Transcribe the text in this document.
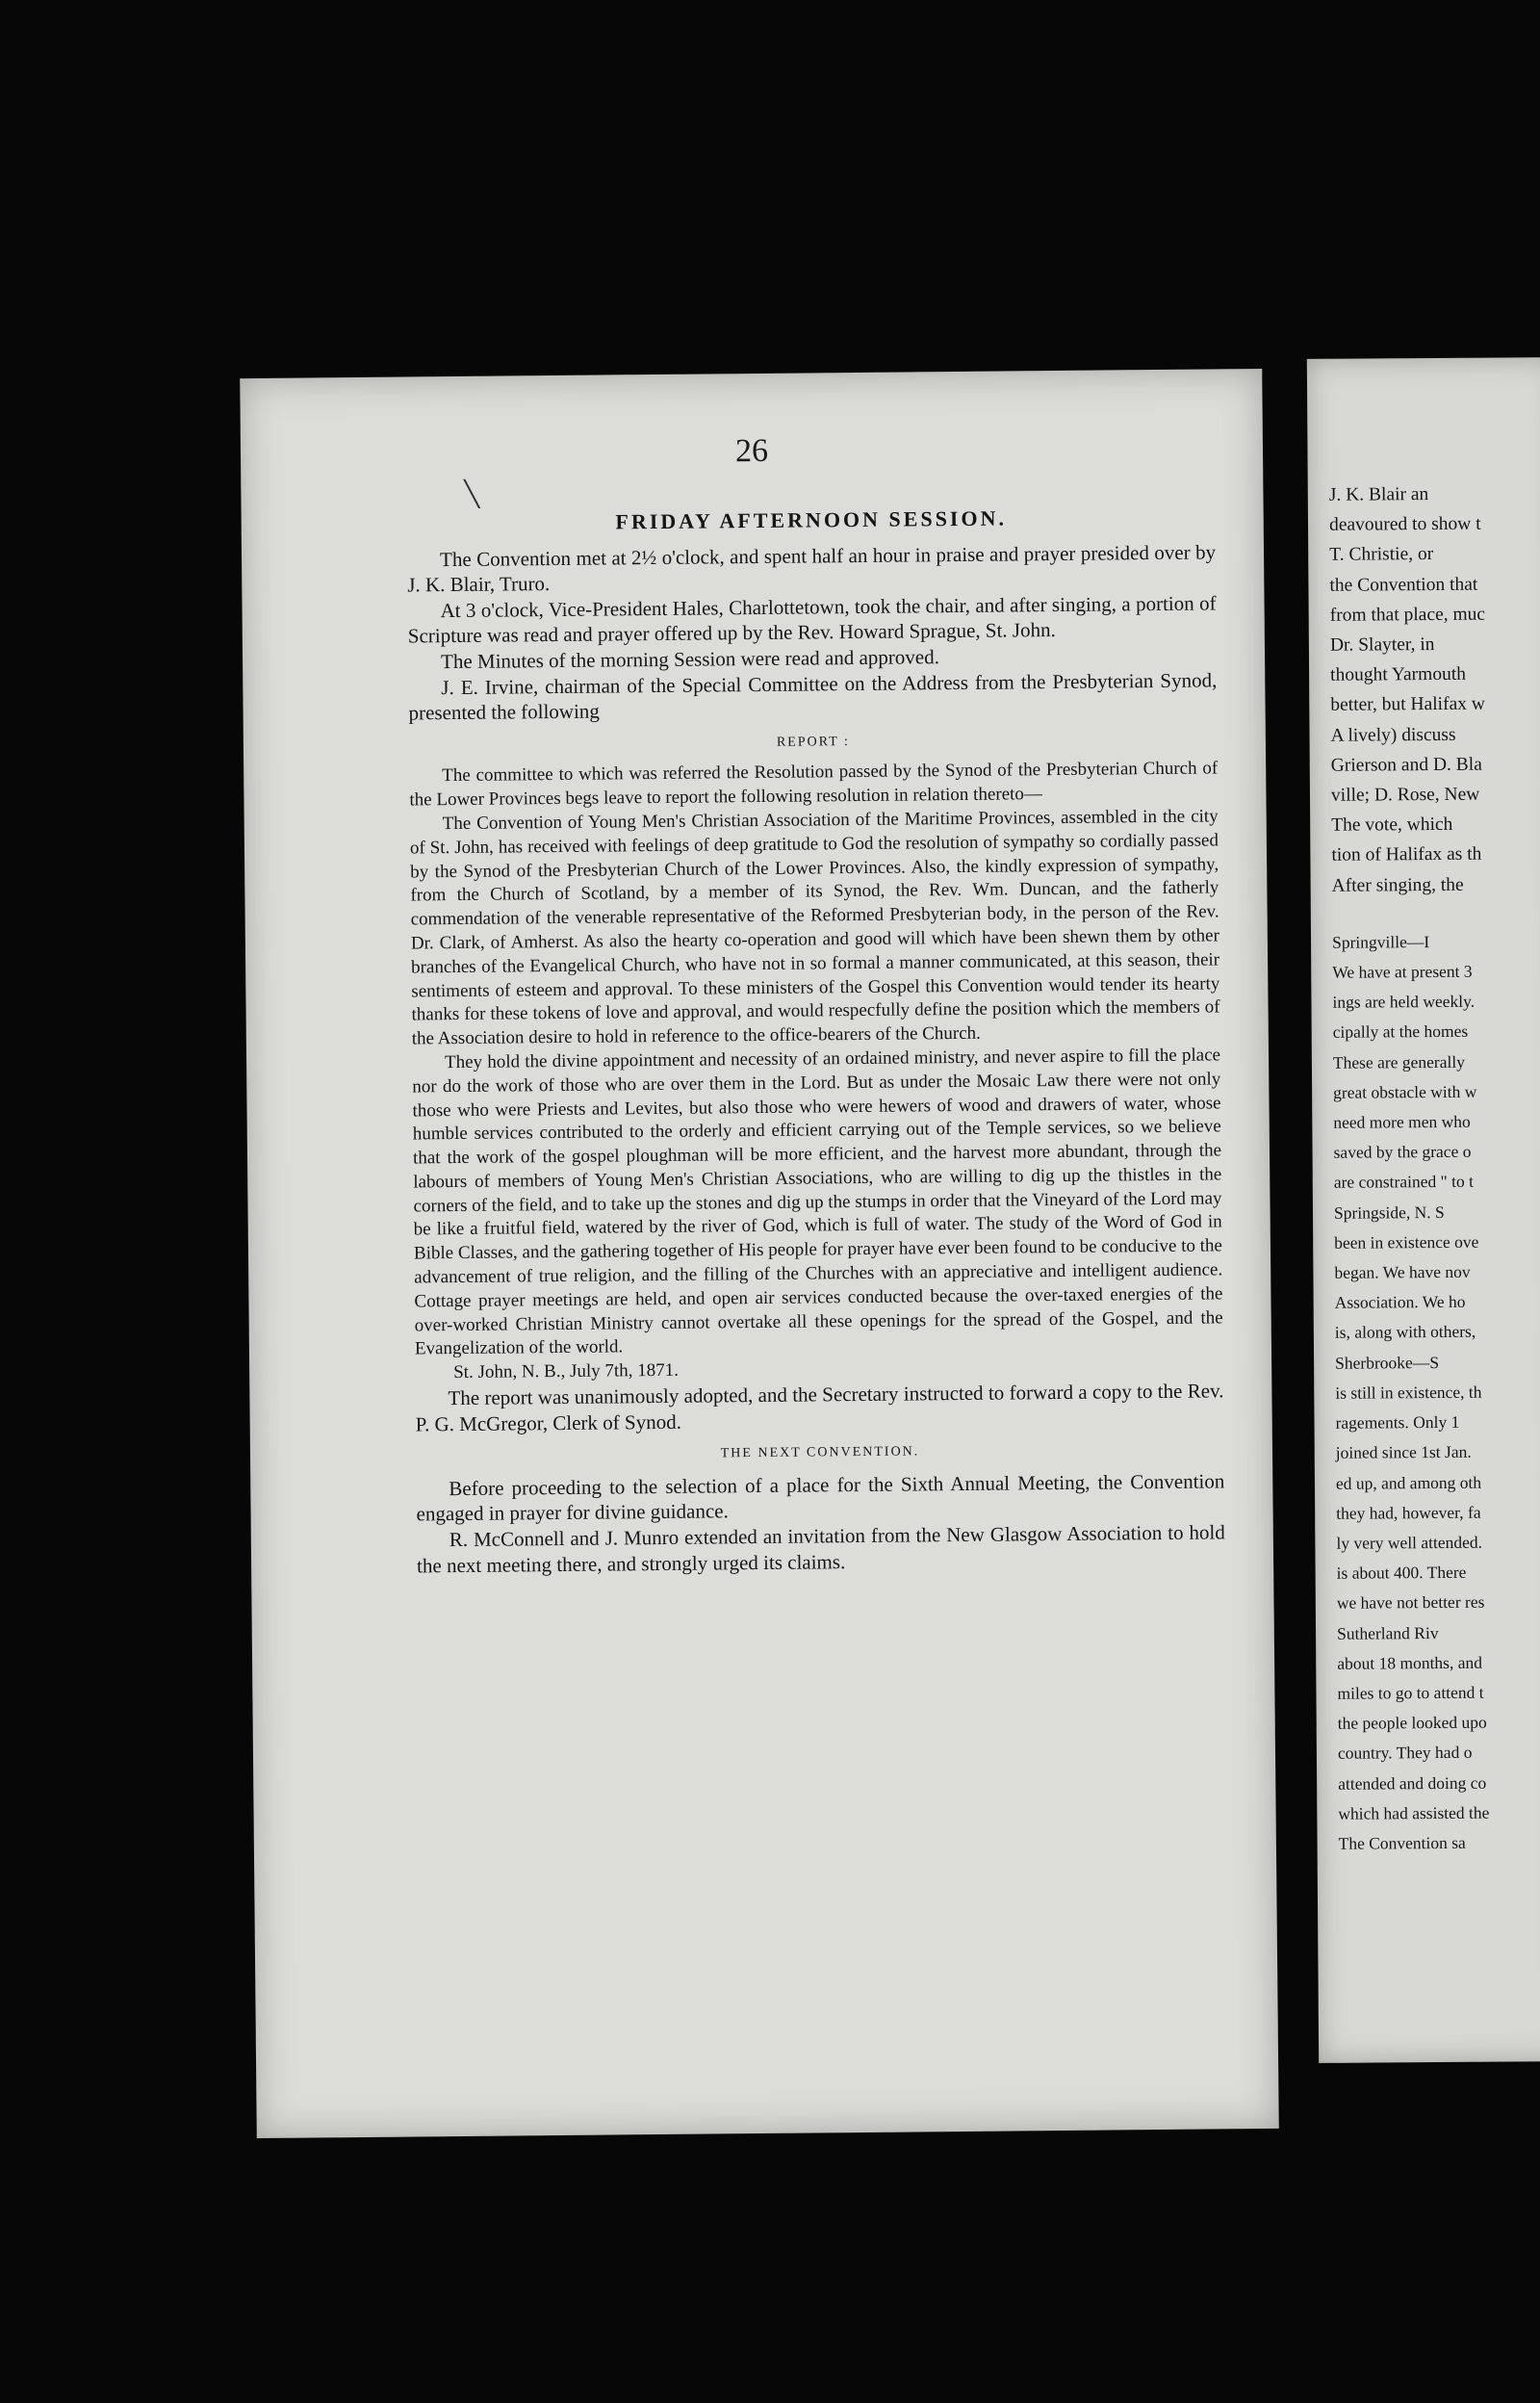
26
╲
FRIDAY AFTERNOON SESSION.

The Convention met at 2½ o'clock, and spent half an hour in praise and prayer presided over by J. K. Blair, Truro.

At 3 o'clock, Vice-President Hales, Charlottetown, took the chair, and after singing, a portion of Scripture was read and prayer offered up by the Rev. Howard Sprague, St. John.

The Minutes of the morning Session were read and approved.

J. E. Irvine, chairman of the Special Committee on the Address from the Presbyterian Synod, presented the following

REPORT :

The committee to which was referred the Resolution passed by the Synod of the Presbyterian Church of the Lower Provinces begs leave to report the following resolution in relation thereto—

The Convention of Young Men's Christian Association of the Maritime Provinces, assembled in the city of St. John, has received with feelings of deep gratitude to God the resolution of sympathy so cordially passed by the Synod of the Presbyterian Church of the Lower Provinces. Also, the kindly expression of sympathy, from the Church of Scotland, by a member of its Synod, the Rev. Wm. Duncan, and the fatherly commendation of the venerable representative of the Reformed Presbyterian body, in the person of the Rev. Dr. Clark, of Amherst. As also the hearty co-operation and good will which have been shewn them by other branches of the Evangelical Church, who have not in so formal a manner communicated, at this season, their sentiments of esteem and approval. To these ministers of the Gospel this Convention would tender its hearty thanks for these tokens of love and approval, and would respecfully define the position which the members of the Association desire to hold in reference to the office-bearers of the Church.

They hold the divine appointment and necessity of an ordained ministry, and never aspire to fill the place nor do the work of those who are over them in the Lord. But as under the Mosaic Law there were not only those who were Priests and Levites, but also those who were hewers of wood and drawers of water, whose humble services contributed to the orderly and efficient carrying out of the Temple services, so we believe that the work of the gospel ploughman will be more efficient, and the harvest more abundant, through the labours of members of Young Men's Christian Associations, who are willing to dig up the thistles in the corners of the field, and to take up the stones and dig up the stumps in order that the Vineyard of the Lord may be like a fruitful field, watered by the river of God, which is full of water. The study of the Word of God in Bible Classes, and the gathering together of His people for prayer have ever been found to be conducive to the advancement of true religion, and the filling of the Churches with an appreciative and intelligent audience. Cottage prayer meetings are held, and open air services conducted because the over-taxed energies of the over-worked Christian Ministry cannot overtake all these openings for the spread of the Gospel, and the Evangelization of the world.

St. John, N. B., July 7th, 1871.

The report was unanimously adopted, and the Secretary instructed to forward a copy to the Rev. P. G. McGregor, Clerk of Synod.

THE NEXT CONVENTION.

Before proceeding to the selection of a place for the Sixth Annual Meeting, the Convention engaged in prayer for divine guidance.

R. McConnell and J. Munro extended an invitation from the New Glasgow Association to hold the next meeting there, and strongly urged its claims.

J. K. Blair an
deavoured to show t
T. Christie, or
the Convention that
from that place, muc
Dr. Slayter, in
thought Yarmouth
better, but Halifax w
A lively) discuss
Grierson and D. Bla
ville; D. Rose, New
The vote, which
tion of Halifax as th
After singing, the
Springville—I
We have at present 3
ings are held weekly.
cipally at the homes
These are generally
great obstacle with w
need more men who
saved by the grace o
are constrained " to t
Springside, N. S
been in existence ove
began. We have nov
Association. We ho
is, along with others,
Sherbrooke—S
is still in existence, th
ragements. Only 1
joined since 1st Jan.
ed up, and among oth
they had, however, fa
ly very well attended.
is about 400. There
we have not better res
Sutherland Riv
about 18 months, and
miles to go to attend t
the people looked upo
country. They had o
attended and doing co
which had assisted the
The Convention sa
